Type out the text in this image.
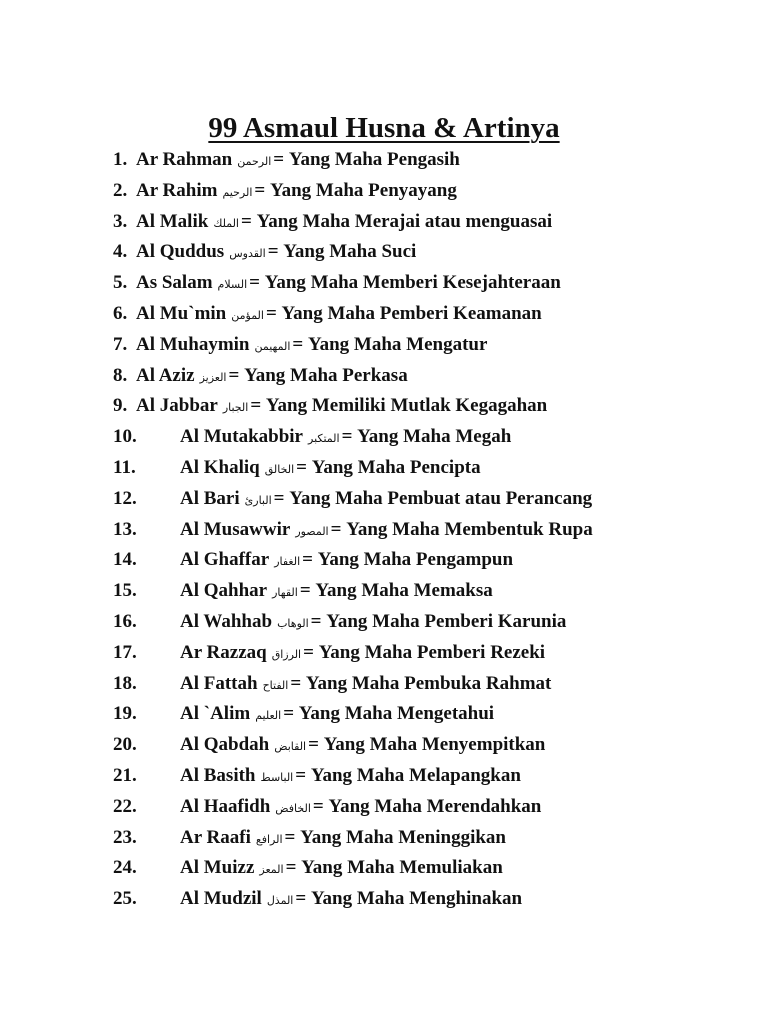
99 Asmaul Husna & Artinya
1. Ar Rahman الرحمن = Yang Maha Pengasih
2. Ar Rahim الرحيم = Yang Maha Penyayang
3. Al Malik الملك = Yang Maha Merajai atau menguasai
4. Al Quddus القدوس = Yang Maha Suci
5. As Salam السلام = Yang Maha Memberi Kesejahteraan
6. Al Mu`min المؤمن = Yang Maha Pemberi Keamanan
7. Al Muhaymin المهيمن = Yang Maha Mengatur
8. Al Aziz العزيز = Yang Maha Perkasa
9. Al Jabbar الجبار = Yang Memiliki Mutlak Kegagahan
10. Al Mutakabbir المتكبر = Yang Maha Megah
11. Al Khaliq الخالق = Yang Maha Pencipta
12. Al Bari البارئ = Yang Maha Pembuat atau Perancang
13. Al Musawwir المصور = Yang Maha Membentuk Rupa
14. Al Ghaffar الغفار = Yang Maha Pengampun
15. Al Qahhar القهار = Yang Maha Memaksa
16. Al Wahhab الوهاب = Yang Maha Pemberi Karunia
17. Ar Razzaq الرزاق = Yang Maha Pemberi Rezeki
18. Al Fattah الفتاح = Yang Maha Pembuka Rahmat
19. Al `Alim العليم = Yang Maha Mengetahui
20. Al Qabdah القابض = Yang Maha Menyempitkan
21. Al Basith الباسط = Yang Maha Melapangkan
22. Al Haafidh الخافض = Yang Maha Merendahkan
23. Ar Raafi الرافع = Yang Maha Meninggikan
24. Al Muizz المعز = Yang Maha Memuliakan
25. Al Mudzil المذل = Yang Maha Menghinakan
